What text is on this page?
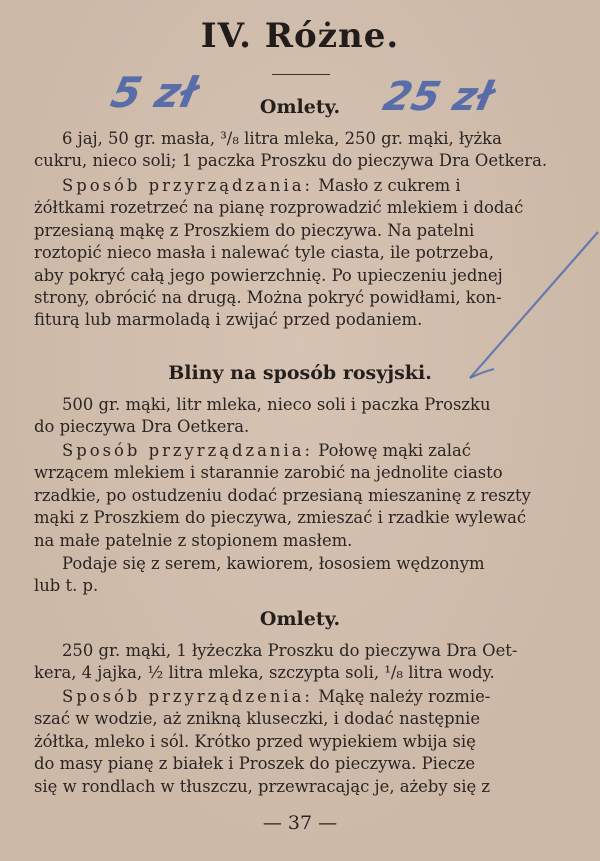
IV. Różne.
5 zł	25 zł
Omlety.
6 jaj, 50 gr. masła, ³/₈ litra mleka, 250 gr. mąki, łyżka
cukru, nieco soli; 1 paczka Proszku do pieczywa Dra Oetkera.
Sposób przyrządzania: Masło z cukrem i
żółtkami rozetrzeć na pianę rozprowadzić mlekiem i dodać
przesianą mąkę z Proszkiem do pieczywa. Na patelni
roztopić nieco masła i nalewać tyle ciasta, ile potrzeba,
aby pokryć całą jego powierzchnię. Po upieczeniu jednej
strony, obrócić na drugą. Można pokryć powidłami, kon-
fiturą lub marmoladą i zwijać przed podaniem.
Bliny na sposób rosyjski.
500 gr. mąki, litr mleka, nieco soli i paczka Proszku
do pieczywa Dra Oetkera.
Sposób przyrządzania: Połowę mąki zalać
wrzącem mlekiem i starannie zarobić na jednolite ciasto
rzadkie, po ostudzeniu dodać przesianą mieszaninę z reszty
mąki z Proszkiem do pieczywa, zmieszać i rzadkie wylewać
na małe patelnie z stopionem masłem.
Podaje się z serem, kawiorem, łososiem wędzonym
lub t. p.
Omlety.
250 gr. mąki, 1 łyżeczka Proszku do pieczywa Dra Oet-
kera, 4 jajka, ½ litra mleka, szczypta soli, ¹/₈ litra wody.
Sposób przyrządzenia: Mąkę należy rozmie-
szać w wodzie, aż znikną kluseczki, i dodać następnie
żółtka, mleko i sól. Krótko przed wypiekiem wbija się
do masy pianę z białek i Proszek do pieczywa. Piecze
się w rondlach w tłuszczu, przewracając je, ażeby się z
— 37 —
